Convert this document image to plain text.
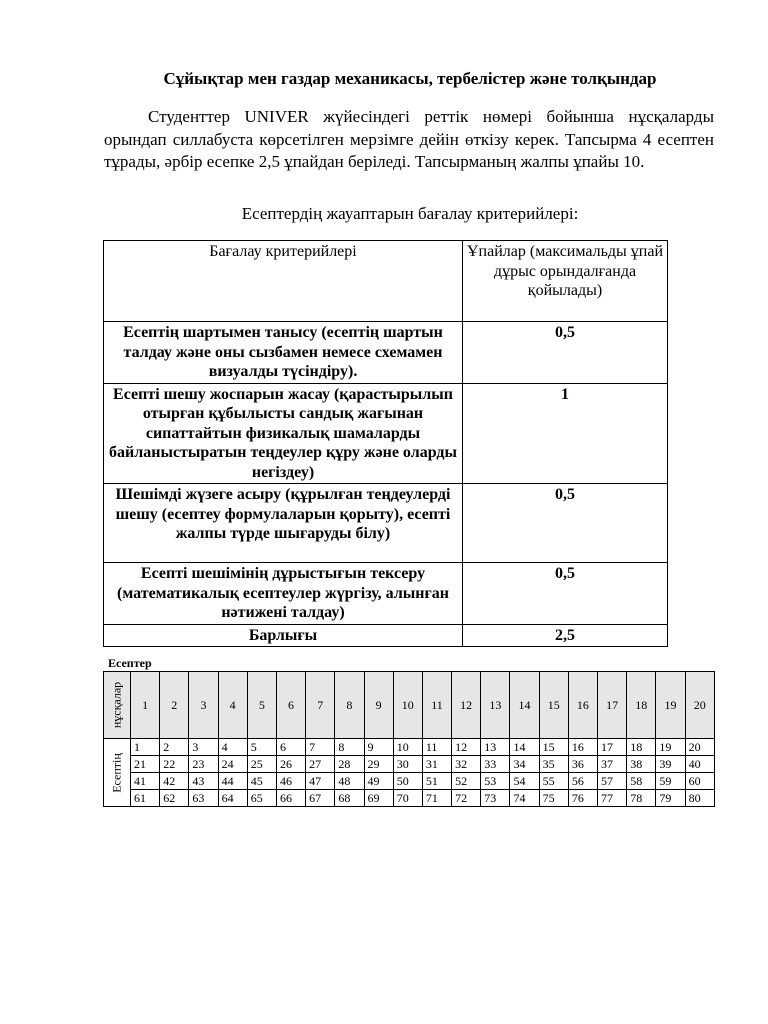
Сұйықтар мен газдар механикасы, тербелістер және толқындар
Студенттер UNIVER жүйесіндегі реттік нөмері бойынша нұсқаларды орындап силлабуста көрсетілген мерзімге дейін өткізу керек. Тапсырма 4 есептен тұрады, әрбір есепке 2,5 ұпайдан беріледі. Тапсырманың жалпы ұпайы 10.
Есептердің жауаптарын бағалау критерийлері:
Бағалау критерийлері	Ұпайлар (максимальды ұпай дұрыс орындалғанда қойылады)
Есептің шартымен танысу (есептің шартын талдау және оны сызбамен немесе схемамен визуалды түсіндіру).	0,5
Есепті шешу жоспарын жасау (қарастырылып отырған құбылысты сандық жағынан сипаттайтын физикалық шамаларды байланыстыратын теңдеулер құру және оларды негіздеу)	1
Шешімді жүзеге асыру (құрылған теңдеулерді шешу (есептеу формулаларын қорыту), есепті жалпы түрде шығаруды білу)	0,5
Есепті шешімінің дұрыстығын тексеру (математикалық есептеулер жүргізу, алынған нәтижені талдау)	0,5
Барлығы	2,5
Есептер
нұсқалар	1	2	3	4	5	6	7	8	9	10	11	12	13	14	15	16	17	18	19	20

Есептің	1	2	3	4	5	6	7	8	9	10	11	12	13	14	15	16	17	18	19	20
	21	22	23	24	25	26	27	28	29	30	31	32	33	34	35	36	37	38	39	40
	41	42	43	44	45	46	47	48	49	50	51	52	53	54	55	56	57	58	59	60
	61	62	63	64	65	66	67	68	69	70	71	72	73	74	75	76	77	78	79	80
